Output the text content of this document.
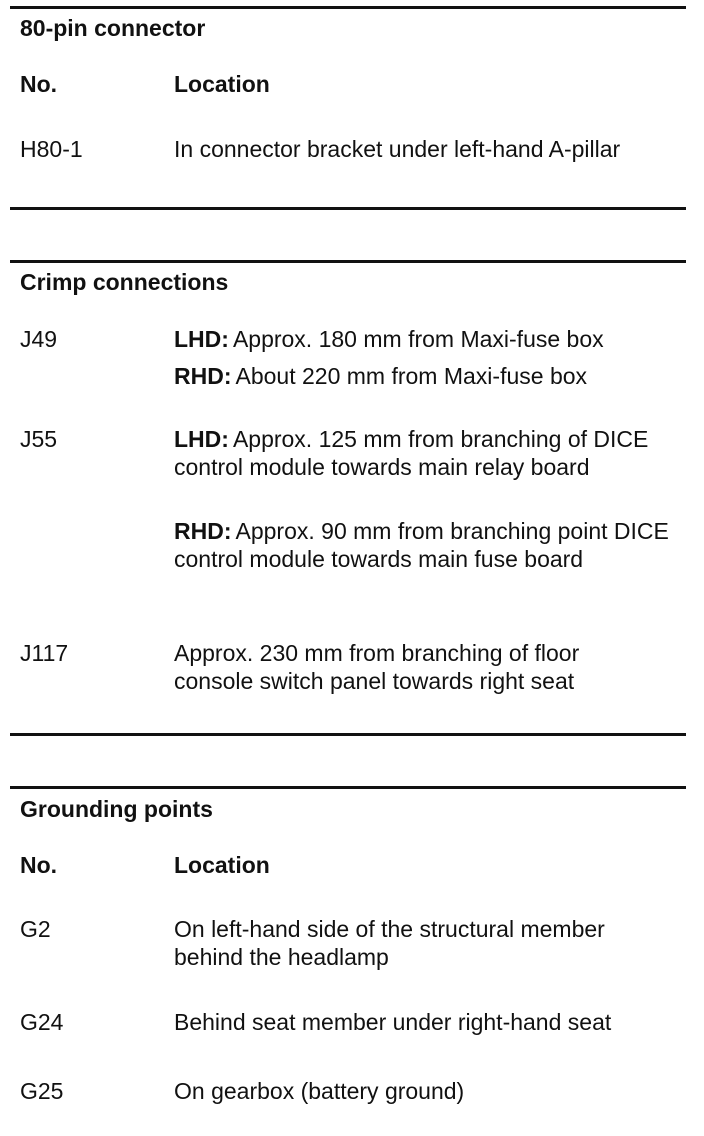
80-pin connector
No.	Location
H80-1	In connector bracket under left-hand A-pillar
Crimp connections
J49	LHD: Approx. 180 mm from Maxi-fuse box
RHD: About 220 mm from Maxi-fuse box
J55	LHD: Approx. 125 mm from branching of DICE control module towards main relay board
RHD: Approx. 90 mm from branching point DICE control module towards main fuse board
J117	Approx. 230 mm from branching of floor console switch panel towards right seat
Grounding points
No.	Location
G2	On left-hand side of the structural member behind the headlamp
G24	Behind seat member under right-hand seat
G25	On gearbox (battery ground)
